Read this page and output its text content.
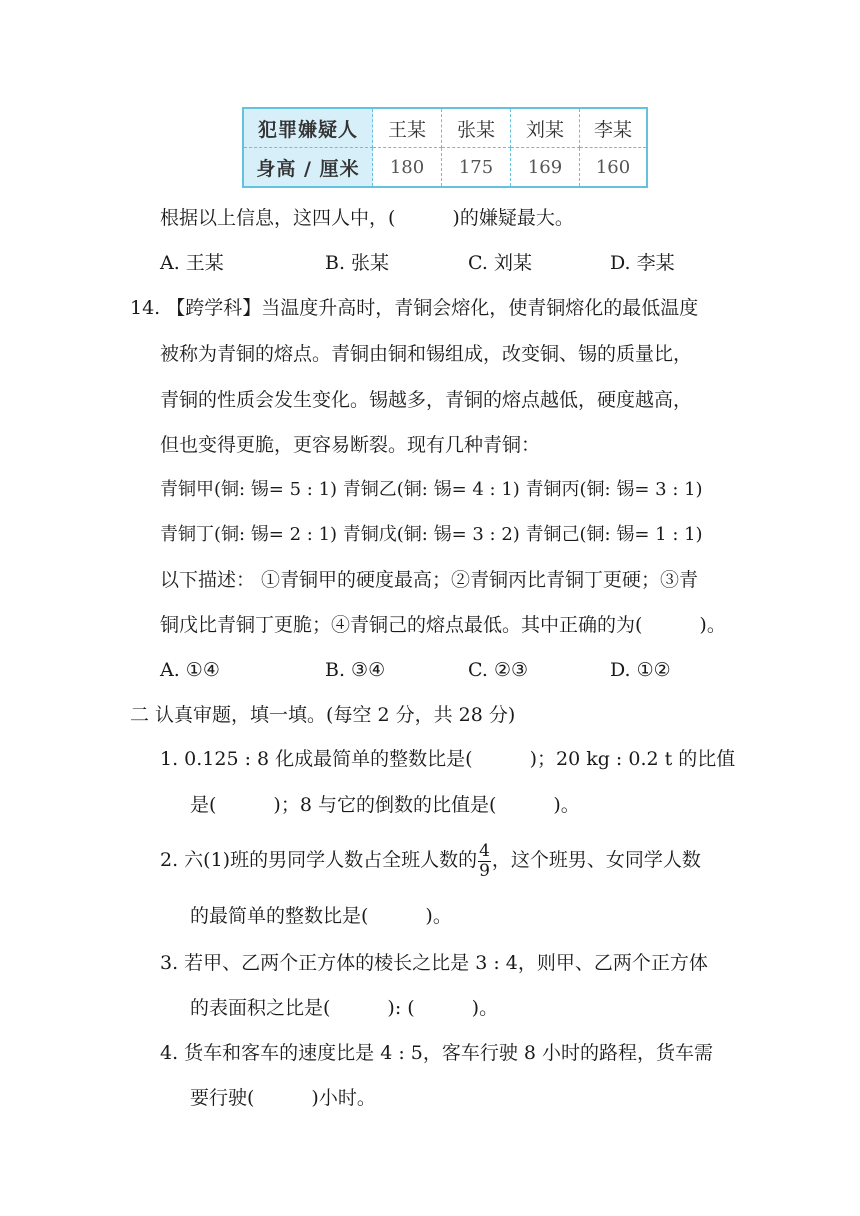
犯罪嫌疑人	王某	张某	刘某	李某
身高 / 厘米	180	175	169	160
根据以上信息，这四人中，(　　　)的嫌疑最大。
A. 王某	B. 张某	C. 刘某	D. 李某
14. 【跨学科】当温度升高时，青铜会熔化，使青铜熔化的最低温度
被称为青铜的熔点。青铜由铜和锡组成，改变铜、锡的质量比，
青铜的性质会发生变化。锡越多，青铜的熔点越低，硬度越高，
但也变得更脆，更容易断裂。现有几种青铜：
青铜甲(铜: 锡= 5 : 1) 青铜乙(铜: 锡= 4 : 1) 青铜丙(铜: 锡= 3 : 1)
青铜丁(铜: 锡= 2 : 1) 青铜戊(铜: 锡= 3 : 2) 青铜己(铜: 锡= 1 : 1)
以下描述： ①青铜甲的硬度最高；②青铜丙比青铜丁更硬；③青
铜戊比青铜丁更脆；④青铜己的熔点最低。其中正确的为(　　　)。
A. ①④	B. ③④	C. ②③	D. ①②
二 认真审题，填一填。(每空 2 分，共 28 分)
1. 0.125 : 8 化成最简单的整数比是(　　　)；20 kg : 0.2 t 的比值
是(　　　)；8 与它的倒数的比值是(　　　)。
2. 六(1)班的男同学人数占全班人数的 $\frac{4}{9}$ ，这个班男、女同学人数
的最简单的整数比是(　　　)。
3. 若甲、乙两个正方体的棱长之比是 3 : 4，则甲、乙两个正方体
的表面积之比是(　　　): (　　　)。
4. 货车和客车的速度比是 4 : 5，客车行驶 8 小时的路程，货车需
要行驶(　　　)小时。
